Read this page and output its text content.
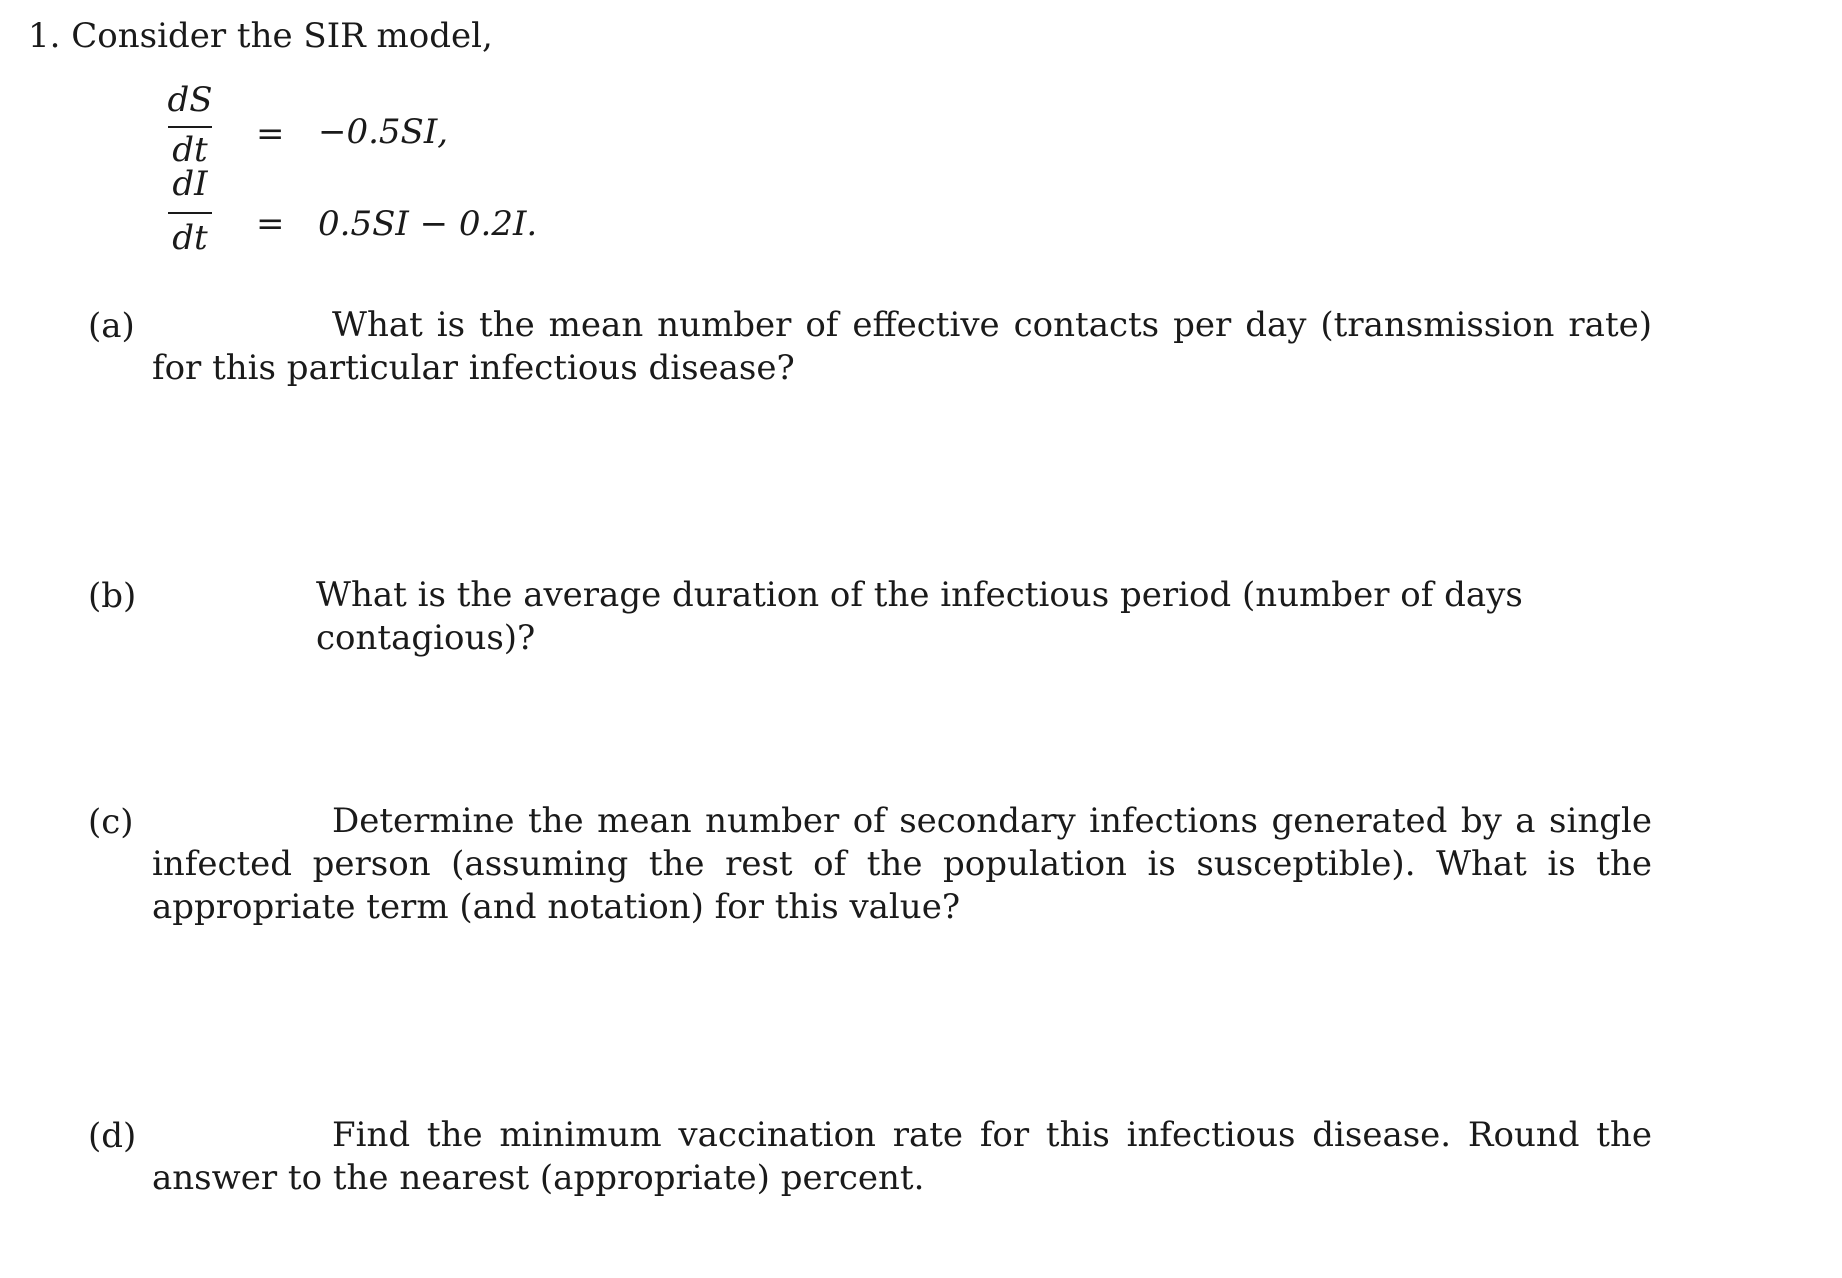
1. Consider the SIR model,
dS
dt	= −0.5SI,
dI
dt	= 0.5SI − 0.2I.
(a)	What is the mean number of effective contacts per day (transmission rate) for this particular infectious disease?
(b)	What is the average duration of the infectious period (number of days contagious)?
(c)	Determine the mean number of secondary infections generated by a single infected person (assuming the rest of the population is susceptible). What is the appropriate term (and notation) for this value?
(d)	Find the minimum vaccination rate for this infectious disease. Round the answer to the nearest (appropriate) percent.
